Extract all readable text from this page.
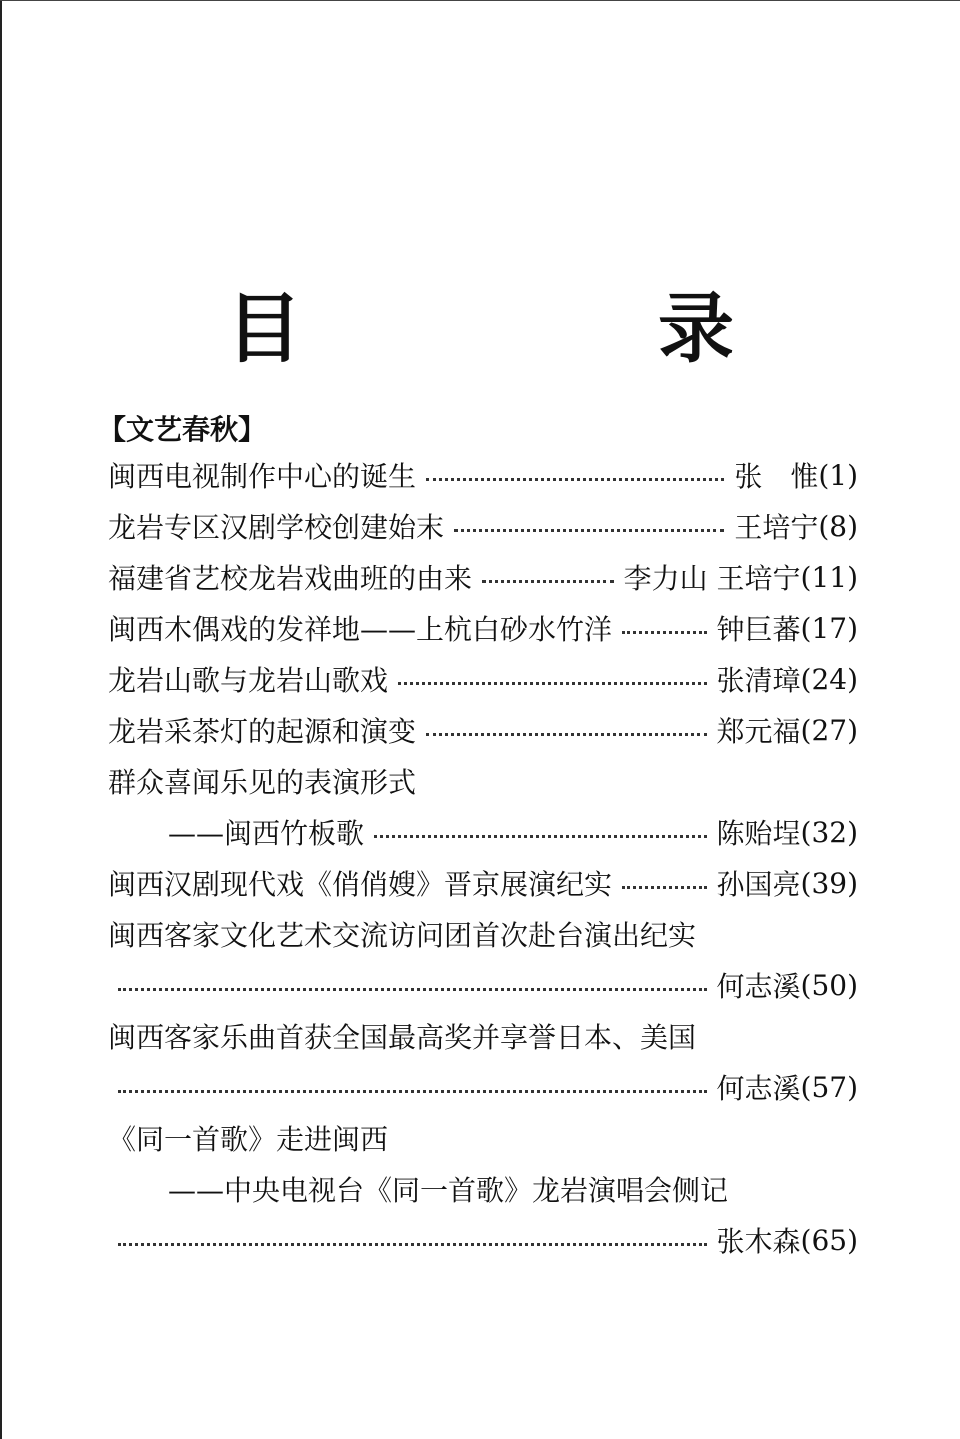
目　录
【文艺春秋】
闽西电视制作中心的诞生	张　惟 (1)
龙岩专区汉剧学校创建始末	王培宁 (8)
福建省艺校龙岩戏曲班的由来	李力山 王培宁 (11)
闽西木偶戏的发祥地——上杭白砂水竹洋	钟巨蕃 (17)
龙岩山歌与龙岩山歌戏	张清璋 (24)
龙岩采茶灯的起源和演变	郑元福 (27)
群众喜闻乐见的表演形式
——闽西竹板歌	陈贻埕 (32)
闽西汉剧现代戏《俏俏嫂》晋京展演纪实	孙国亮 (39)
闽西客家文化艺术交流访问团首次赴台演出纪实
何志溪 (50)
闽西客家乐曲首获全国最高奖并享誉日本、美国
何志溪 (57)
《同一首歌》走进闽西
——中央电视台《同一首歌》龙岩演唱会侧记
张木森 (65)
